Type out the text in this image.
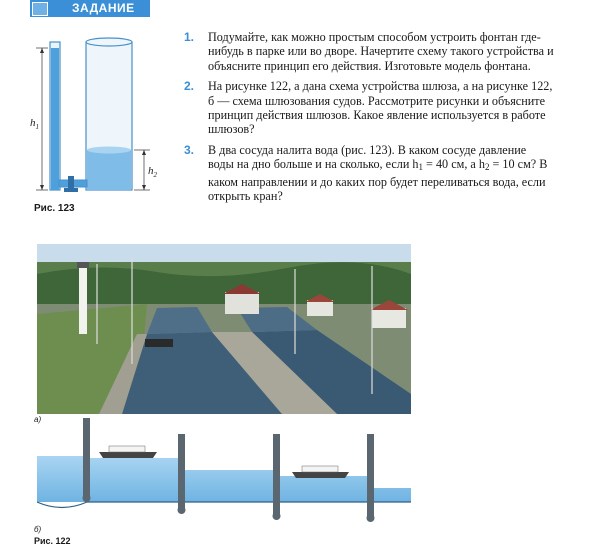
ЗАДАНИЕ
$h_1$
$h_2$
Рис. 123
1. Подумайте, как можно простым способом устроить фонтан где-нибудь в парке или во дворе. Начертите схему такого устройства и объясните принцип его действия. Изготовьте модель фонтана.
2. На рисунке 122, а дана схема устройства шлюза, а на рисунке 122, б — схема шлюзования судов. Рассмотрите рисунки и объясните принцип действия шлюзов. Какое явление используется в работе шлюзов?
3. В два сосуда налита вода (рис. 123). В каком сосуде давление воды на дно больше и на сколько, если $h_1 = 40$ см, а $h_2 = 10$ см? В каком направлении и до каких пор будет переливаться вода, если открыть кран?
а)
б)
Рис. 122
